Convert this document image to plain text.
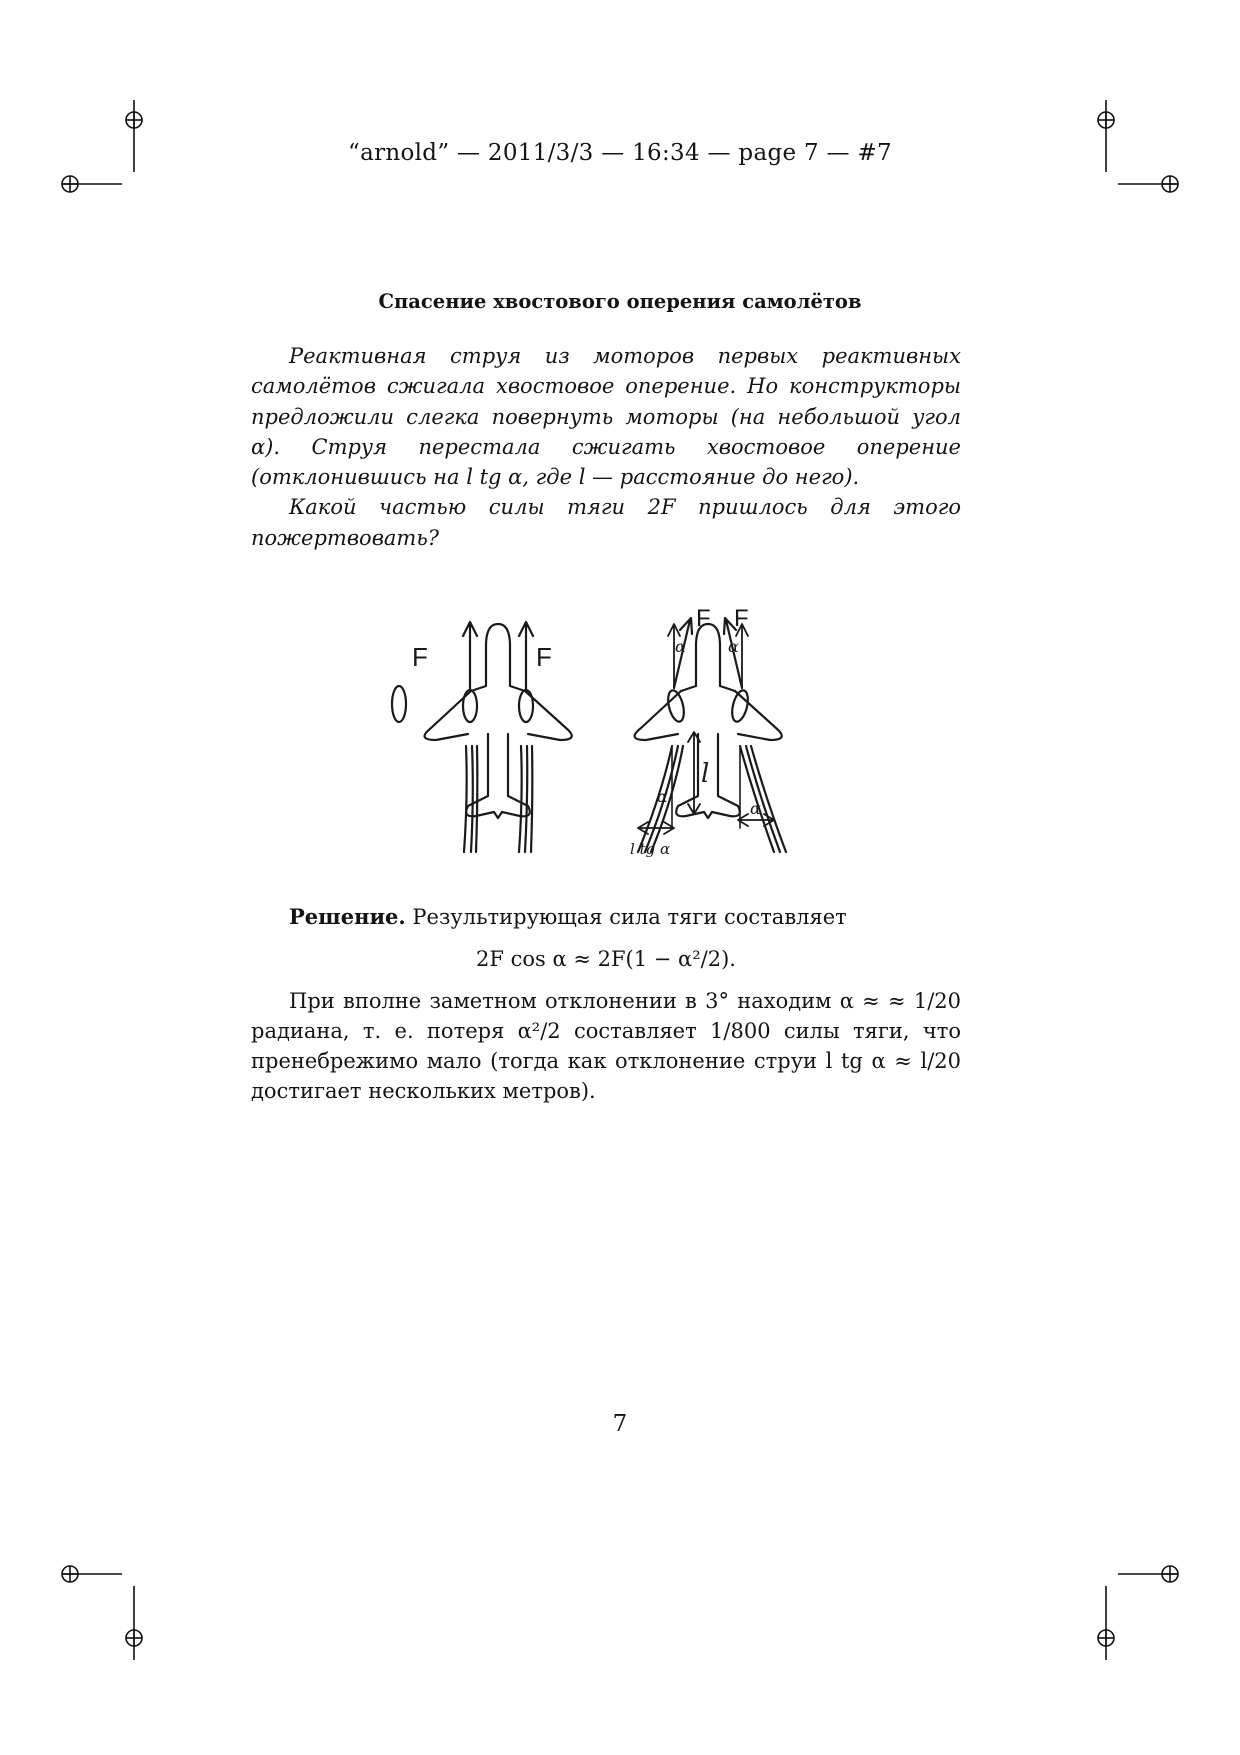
“arnold” — 2011/3/3 — 16:34 — page 7 — #7
Спасение хвостового оперения самолётов

Реактивная струя из моторов первых реактивных самолётов сжигала хвостовое оперение. Но конструкторы предложили слегка повернуть моторы (на небольшой угол α). Струя перестала сжигать хвостовое оперение (отклонившись на l tg α, где l — расстояние до него).

Какой частью силы тяги 2F пришлось для этого пожертвовать?

F	F
F F
α	α
α
α
l
l tg α

Решение. Результирующая сила тяги составляет

2F cos α ≈ 2F(1 − α²/2).

При вполне заметном отклонении в 3° находим α ≈ ≈ 1/20 радиана, т. е. потеря α²/2 составляет 1/800 силы тяги, что пренебрежимо мало (тогда как отклонение струи l tg α ≈ l/20 достигает нескольких метров).

7
